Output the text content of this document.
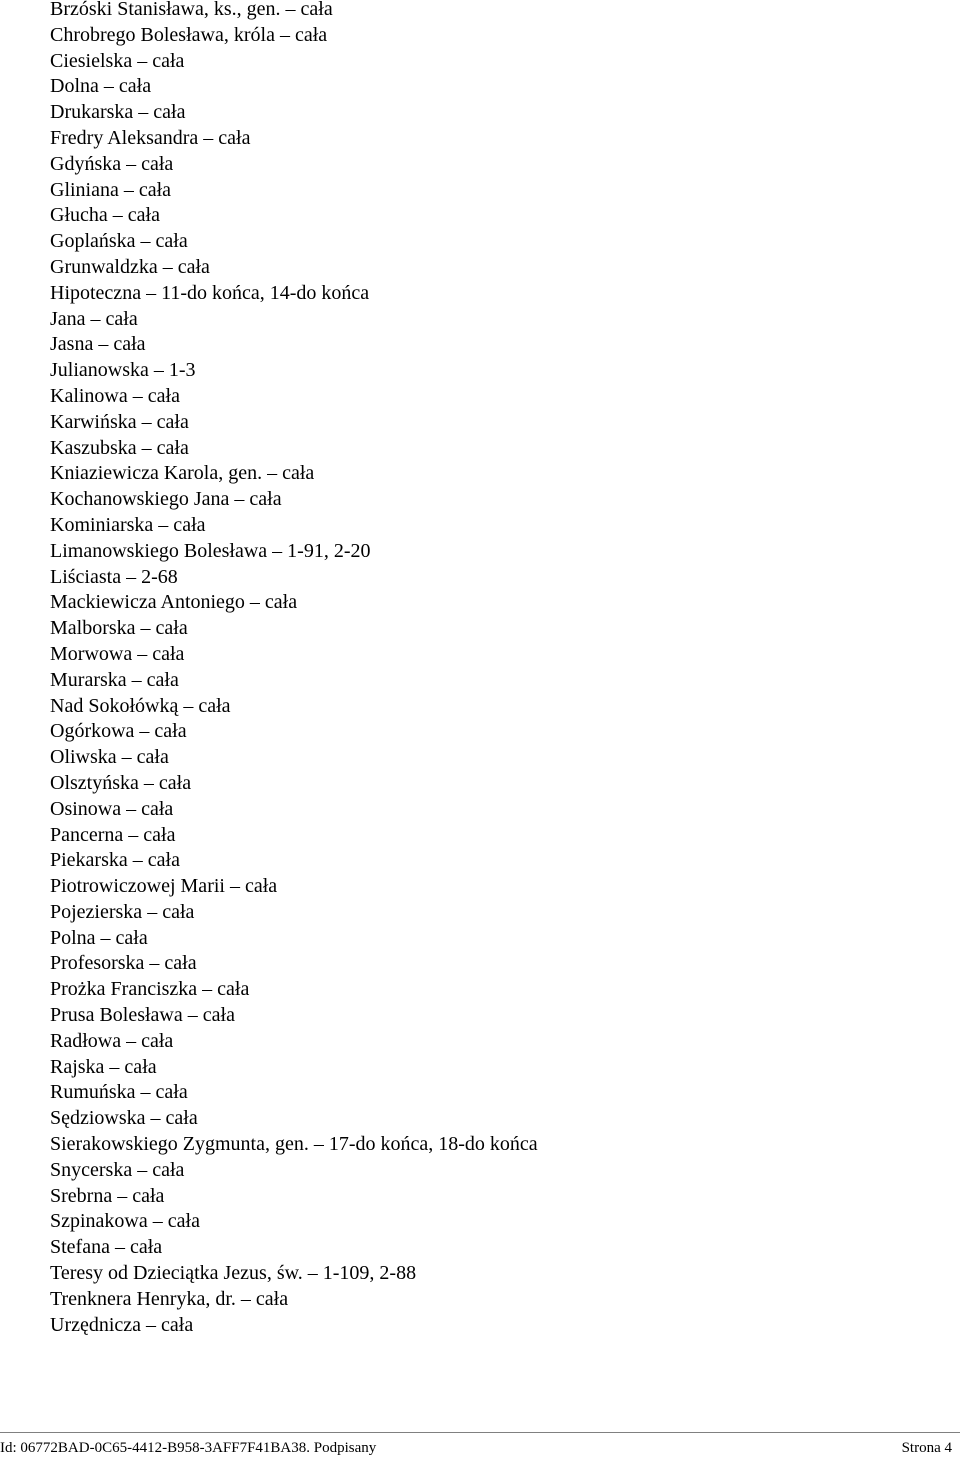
Brzóski Stanisława, ks., gen. – cała
Chrobrego Bolesława, króla – cała
Ciesielska – cała
Dolna – cała
Drukarska – cała
Fredry Aleksandra – cała
Gdyńska – cała
Gliniana – cała
Głucha – cała
Goplańska – cała
Grunwaldzka – cała
Hipoteczna – 11-do końca, 14-do końca
Jana – cała
Jasna – cała
Julianowska – 1-3
Kalinowa – cała
Karwińska – cała
Kaszubska – cała
Kniaziewicza Karola, gen. – cała
Kochanowskiego Jana – cała
Kominiarska – cała
Limanowskiego Bolesława – 1-91, 2-20
Liściasta – 2-68
Mackiewicza Antoniego – cała
Malborska – cała
Morwowa – cała
Murarska – cała
Nad Sokołówką – cała
Ogórkowa – cała
Oliwska – cała
Olsztyńska – cała
Osinowa – cała
Pancerna – cała
Piekarska – cała
Piotrowiczowej Marii – cała
Pojezierska – cała
Polna – cała
Profesorska – cała
Prożka Franciszka – cała
Prusa Bolesława – cała
Radłowa – cała
Rajska – cała
Rumuńska – cała
Sędziowska – cała
Sierakowskiego Zygmunta, gen. – 17-do końca, 18-do końca
Snycerska – cała
Srebrna – cała
Szpinakowa – cała
Stefana – cała
Teresy od Dzieciątka Jezus, św. – 1-109, 2-88
Trenknera Henryka, dr. – cała
Urzędnicza – cała
Id: 06772BAD-0C65-4412-B958-3AFF7F41BA38. Podpisany	Strona 4
